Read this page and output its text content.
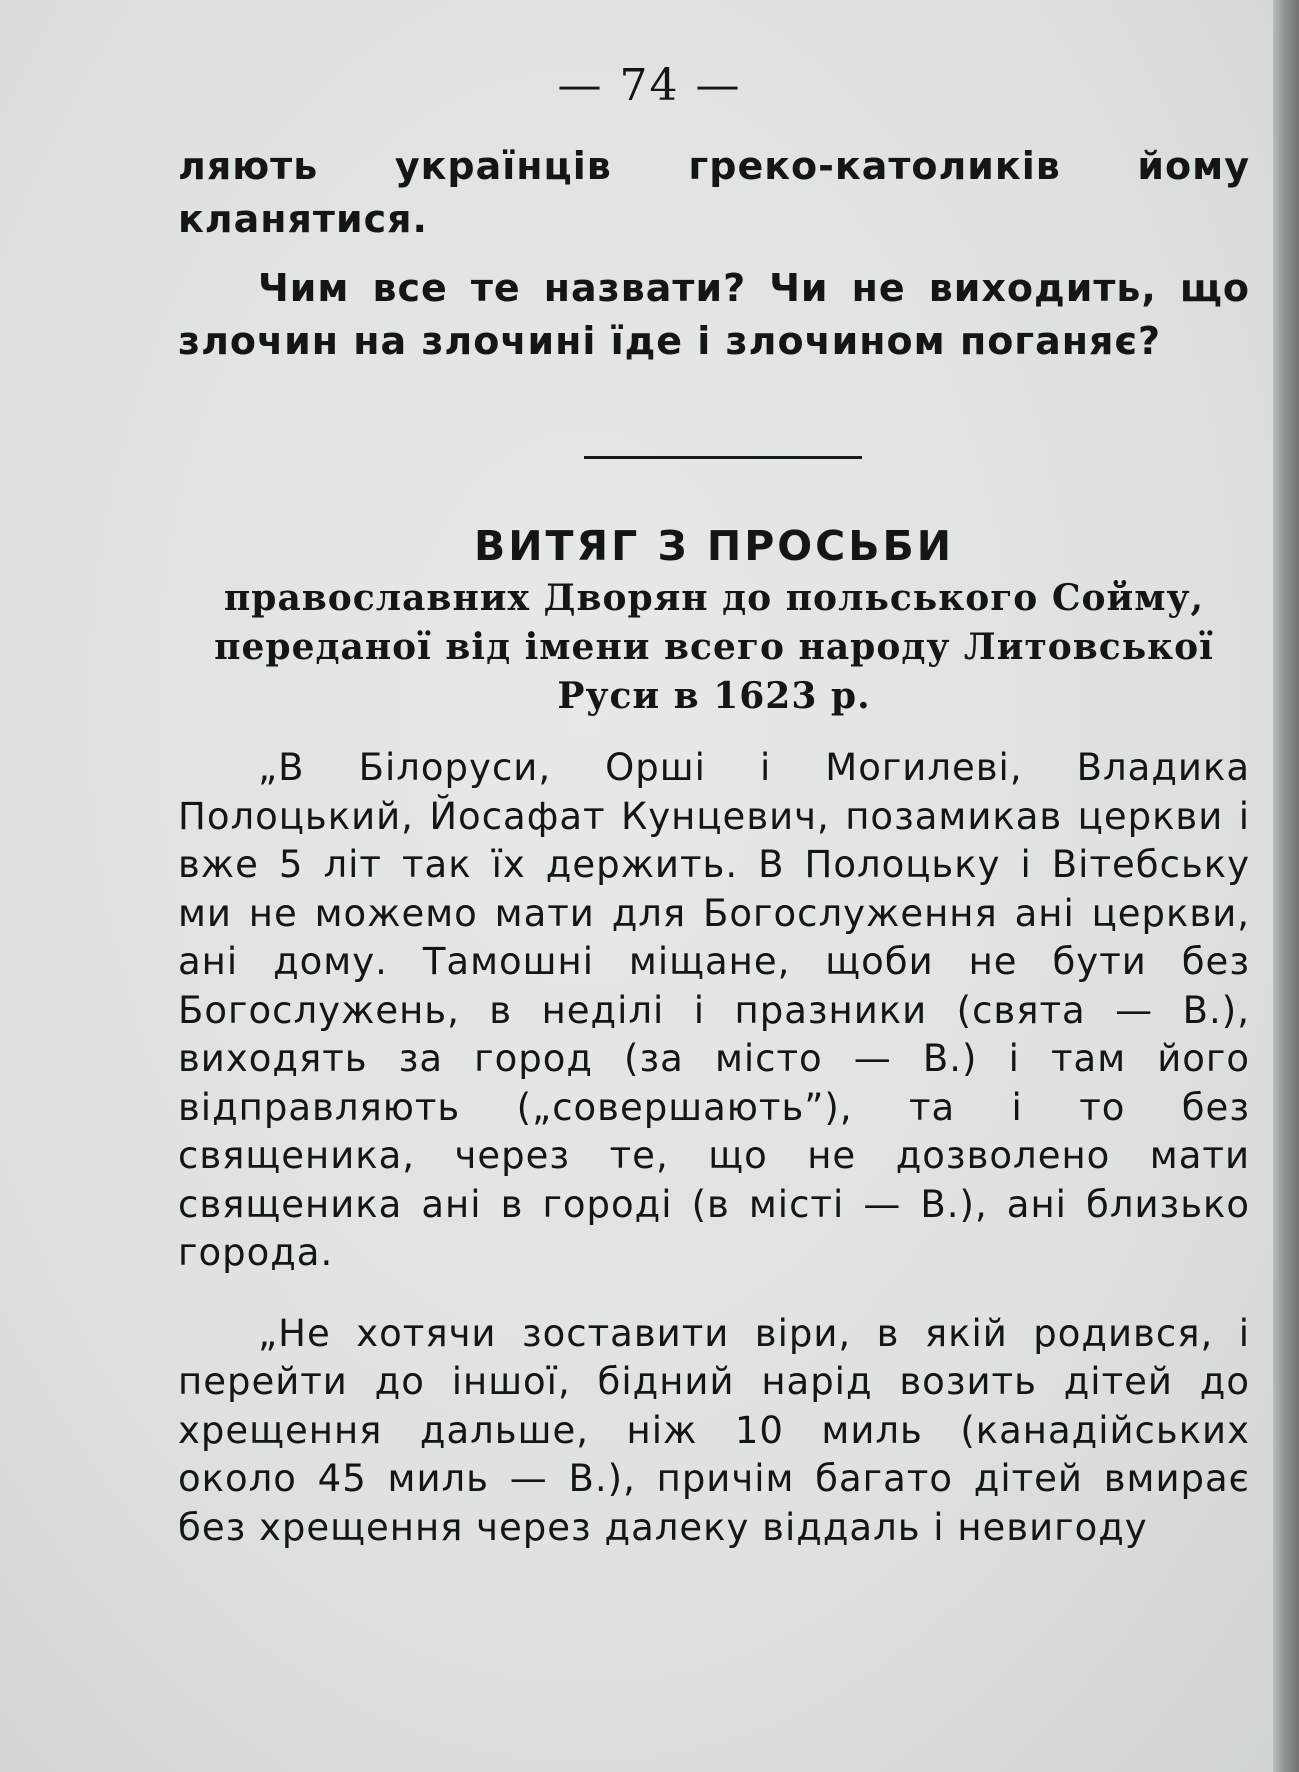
— 74 —

ляють українців греко-католиків йому кланятися.

Чим все те назвати? Чи не виходить, що злочин на злочині їде і злочином поганяє?

ВИТЯГ З ПРОСЬБИ
православних Дворян до польського Сойму, переданої від імени всего народу Литовської Руси в 1623 р.

„В Білоруси, Орші і Могилеві, Владика Полоцький, Йосафат Кунцевич, позамикав церкви і вже 5 літ так їх держить. В Полоцьку і Вітебську ми не можемо мати для Богослуження ані церкви, ані дому. Тамошні міщане, щоби не бути без Богослужень, в неділі і празники (свята — В.), виходять за город (за місто — В.) і там його відправляють („совершають”), та і то без священика, через те, що не дозволено мати священика ані в городі (в місті — В.), ані близько города.

„Не хотячи зоставити віри, в якій родився, і перейти до іншої, бідний нарід возить дітей до хрещення дальше, ніж 10 миль (канадійських около 45 миль — В.), причім багато дітей вмирає без хрещення через далеку віддаль і невигоду
